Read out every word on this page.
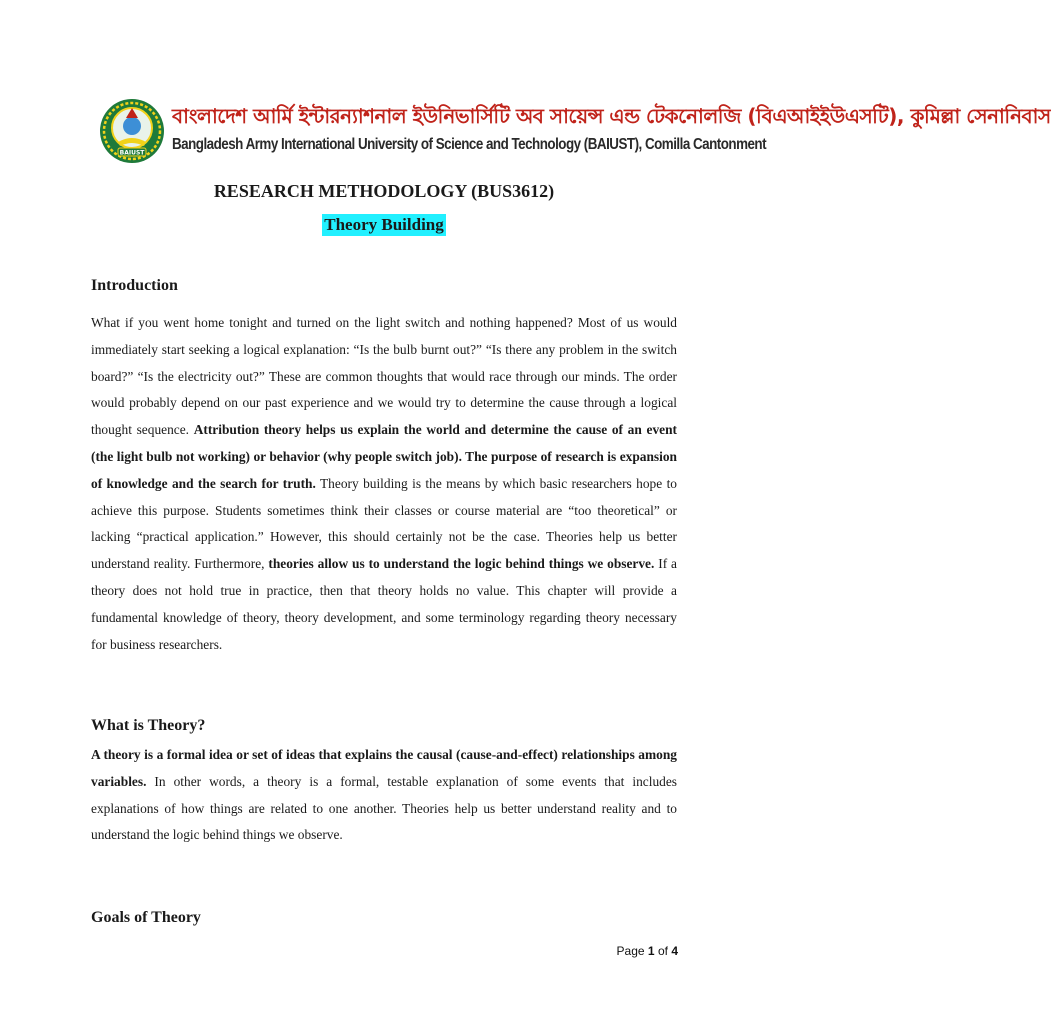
BAIUST
বাংলাদেশ আর্মি ইন্টারন্যাশনাল ইউনিভার্সিটি অব সায়েন্স এন্ড টেকনোলজি (বিএআইইউএসটি), কুমিল্লা সেনানিবাস
Bangladesh Army International University of Science and Technology (BAIUST), Comilla Cantonment
RESEARCH METHODOLOGY (BUS3612)
Theory Building
Introduction

What if you went home tonight and turned on the light switch and nothing happened? Most of us would immediately start seeking a logical explanation: “Is the bulb burnt out?” “Is there any problem in the switch board?” “Is the electricity out?” These are common thoughts that would race through our minds. The order would probably depend on our past experience and we would try to determine the cause through a logical thought sequence. Attribution theory helps us explain the world and determine the cause of an event (the light bulb not working) or behavior (why people switch job). The purpose of research is expansion of knowledge and the search for truth. Theory building is the means by which basic researchers hope to achieve this purpose. Students sometimes think their classes or course material are “too theoretical” or lacking “practical application.” However, this should certainly not be the case. Theories help us better understand reality. Furthermore, theories allow us to understand the logic behind things we observe. If a theory does not hold true in practice, then that theory holds no value. This chapter will provide a fundamental knowledge of theory, theory development, and some terminology regarding theory necessary for business researchers.

What is Theory?

A theory is a formal idea or set of ideas that explains the causal (cause-and-effect) relationships among variables. In other words, a theory is a formal, testable explanation of some events that includes explanations of how things are related to one another. Theories help us better understand reality and to understand the logic behind things we observe.

Goals of Theory
Page 1 of 4
